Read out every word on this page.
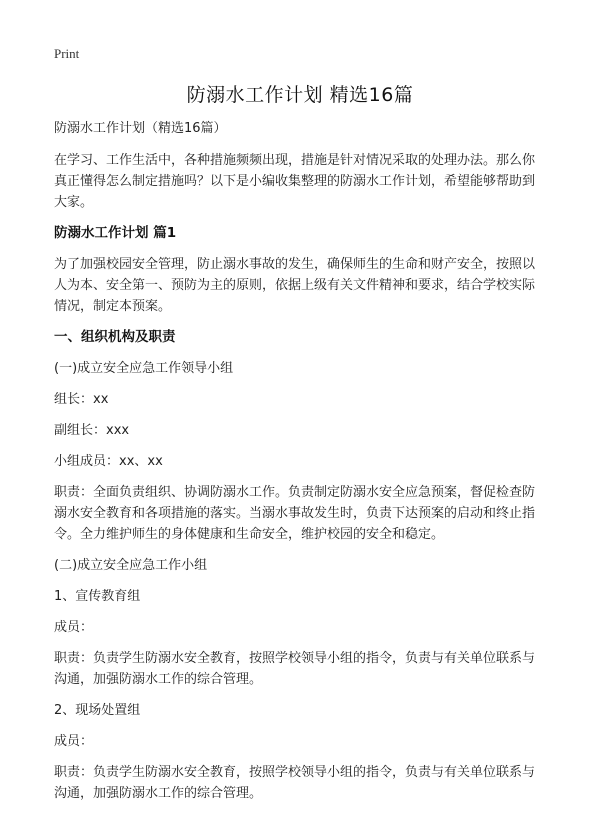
Print
防溺水工作计划 精选16篇

防溺水工作计划（精选16篇）

在学习、工作生活中，各种措施频频出现，措施是针对情况采取的处理办法。那么你真正懂得怎么制定措施吗？以下是小编收集整理的防溺水工作计划，希望能够帮助到大家。

防溺水工作计划 篇1

为了加强校园安全管理，防止溺水事故的发生，确保师生的生命和财产安全，按照以人为本、安全第一、预防为主的原则，依据上级有关文件精神和要求，结合学校实际情况，制定本预案。

一、组织机构及职责

(一)成立安全应急工作领导小组

组长：xx

副组长：xxx

小组成员：xx、xx

职责：全面负责组织、协调防溺水工作。负责制定防溺水安全应急预案，督促检查防溺水安全教育和各项措施的落实。当溺水事故发生时，负责下达预案的启动和终止指令。全力维护师生的身体健康和生命安全，维护校园的安全和稳定。

(二)成立安全应急工作小组

1、宣传教育组

成员：

职责：负责学生防溺水安全教育，按照学校领导小组的指令，负责与有关单位联系与沟通，加强防溺水工作的综合管理。

2、现场处置组

成员：

职责：负责学生防溺水安全教育，按照学校领导小组的指令，负责与有关单位联系与沟通，加强防溺水工作的综合管理。
